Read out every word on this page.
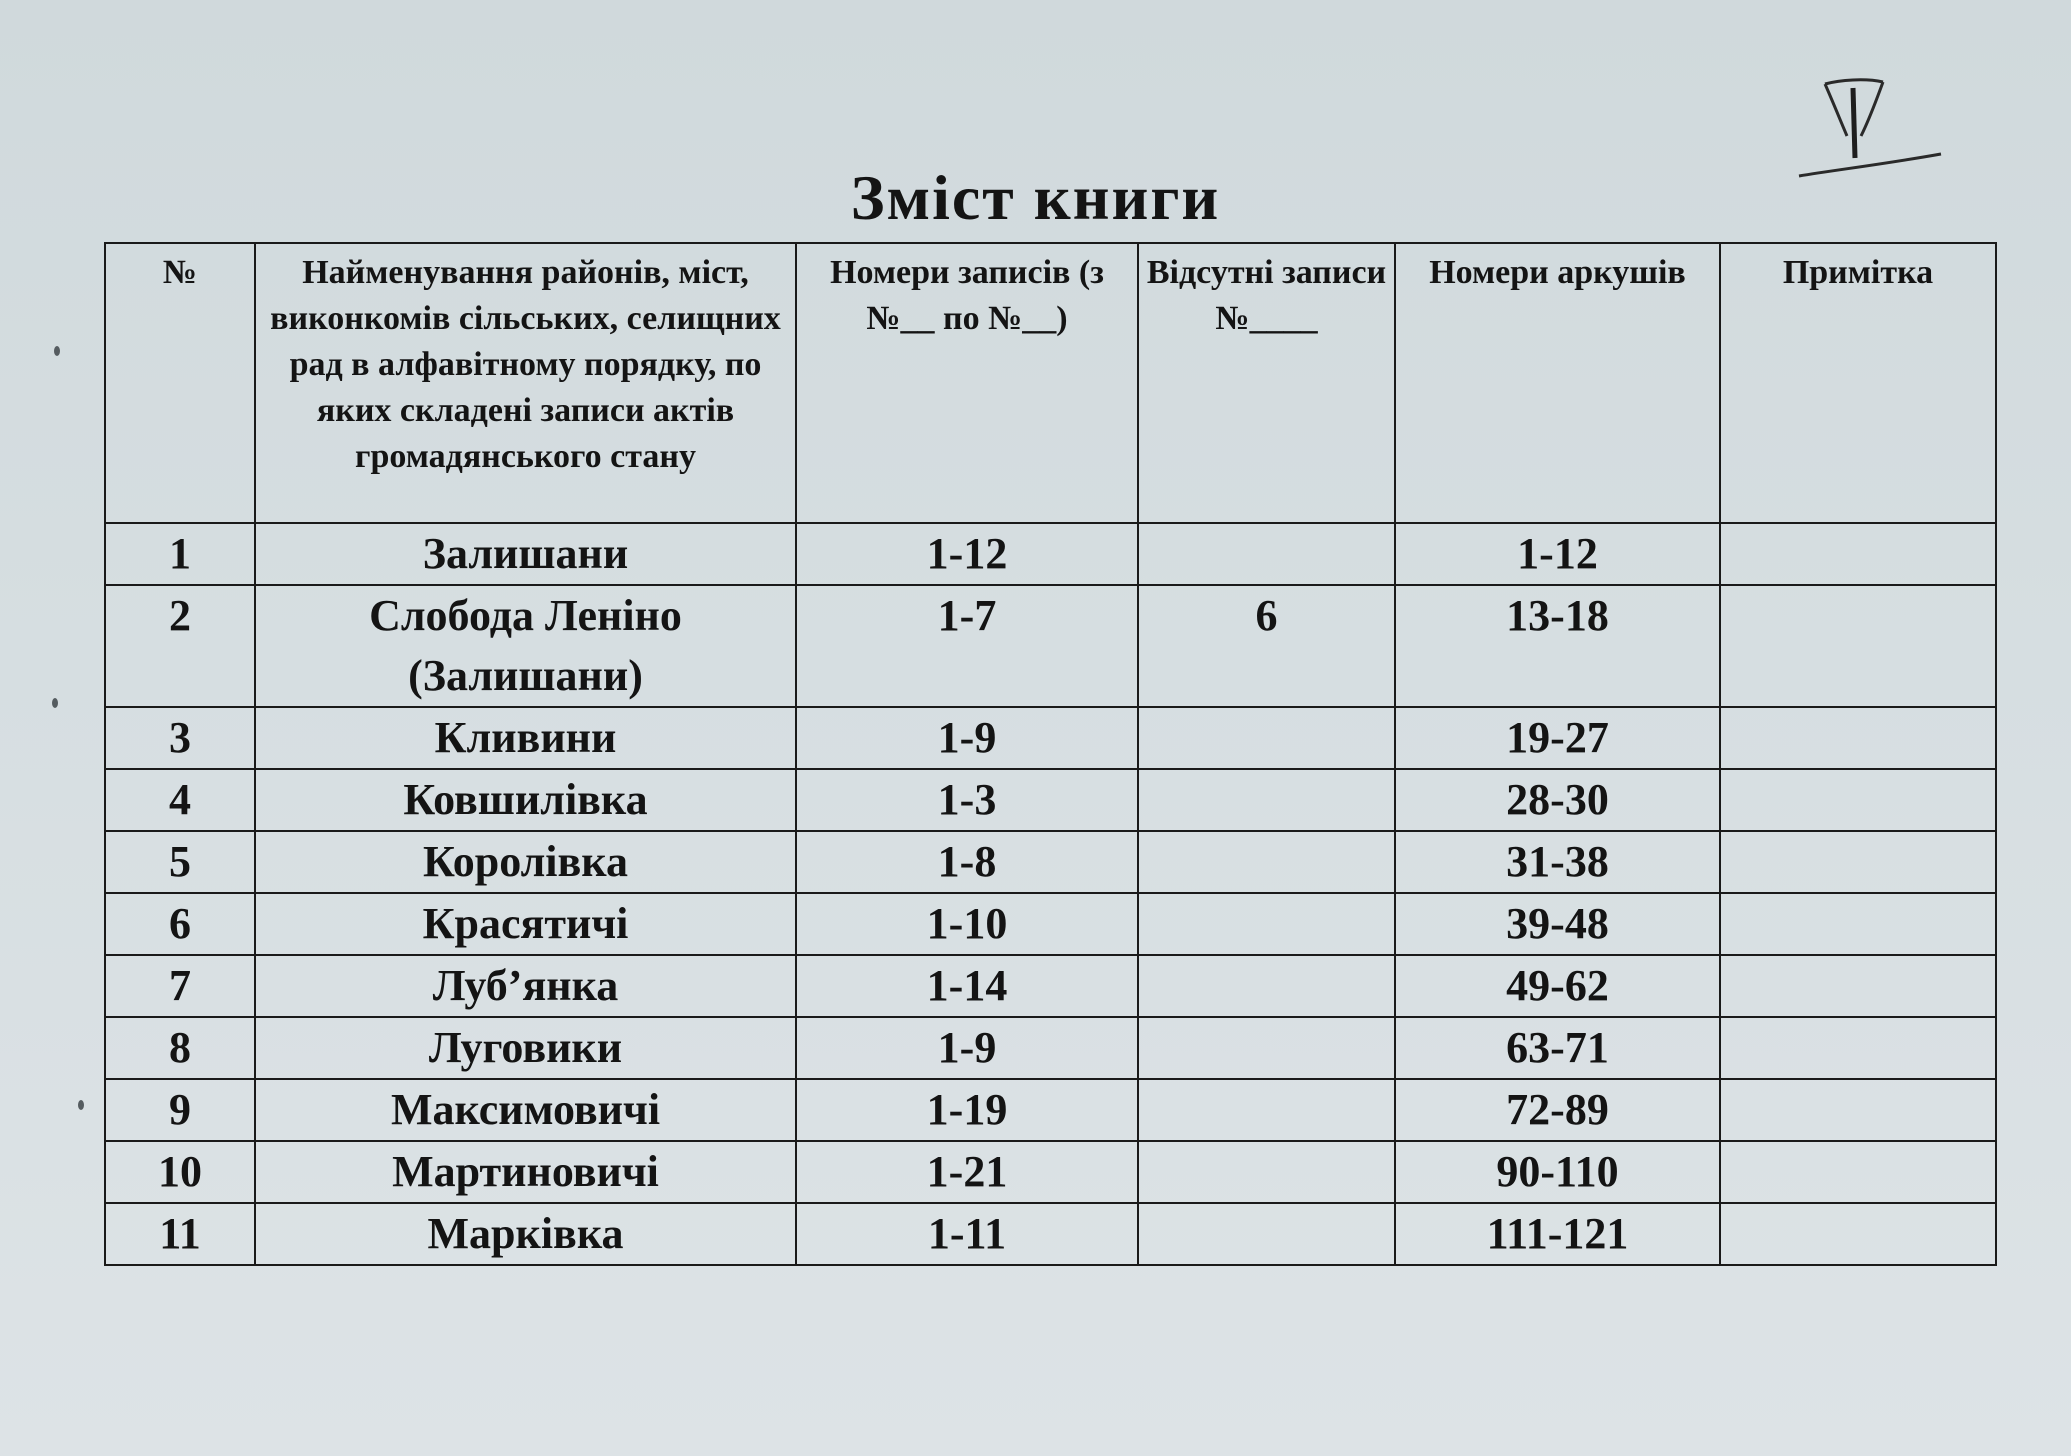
Зміст книги
№	Найменування районів, міст, виконкомів сільських, селищних рад в алфавітному порядку, по яких складені записи актів громадянського стану	Номери записів (з №__ по №__)	Відсутні записи №____	Номери аркушів	Примітка
1	Залишани	1-12		1-12	
2	Слобода Леніно (Залишани)	1-7	6	13-18	
3	Кливини	1-9		19-27	
4	Ковшилівка	1-3		28-30	
5	Королівка	1-8		31-38	
6	Красятичі	1-10		39-48	
7	Луб’янка	1-14		49-62	
8	Луговики	1-9		63-71	
9	Максимовичі	1-19		72-89	
10	Мартиновичі	1-21		90-110	
11	Марківка	1-11		111-121	
